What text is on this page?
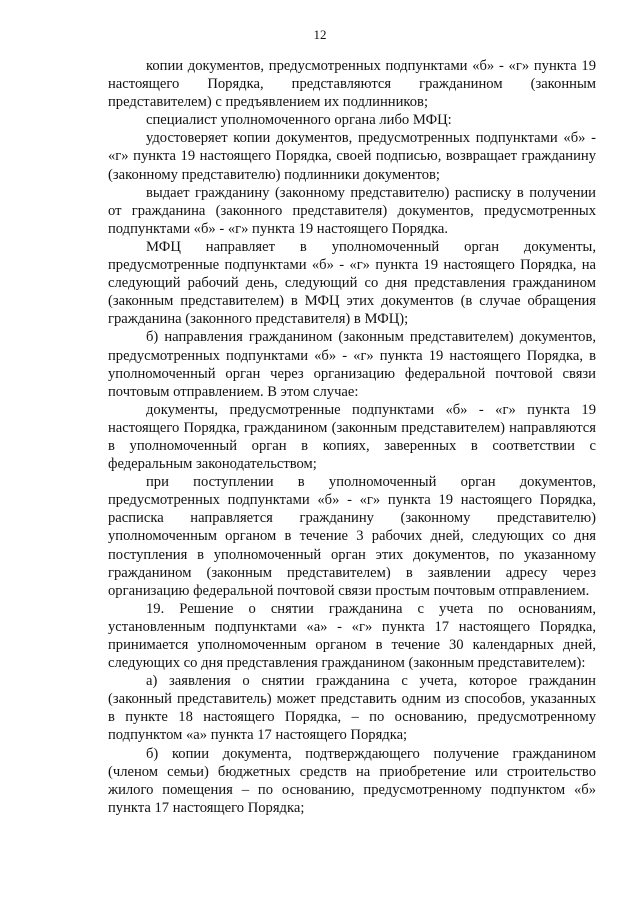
12

копии документов, предусмотренных подпунктами «б» - «г» пункта 19 настоящего Порядка, представляются гражданином (законным представителем) с предъявлением их подлинников;

специалист уполномоченного органа либо МФЦ:

удостоверяет копии документов, предусмотренных подпунктами «б» - «г» пункта 19 настоящего Порядка, своей подписью, возвращает гражданину (законному представителю) подлинники документов;

выдает гражданину (законному представителю) расписку в получении от гражданина (законного представителя) документов, предусмотренных подпунктами «б» - «г» пункта 19 настоящего Порядка.

МФЦ направляет в уполномоченный орган документы, предусмотренные подпунктами «б» - «г» пункта 19 настоящего Порядка, на следующий рабочий день, следующий со дня представления гражданином (законным представителем) в МФЦ этих документов (в случае обращения гражданина (законного представителя) в МФЦ);

б) направления гражданином (законным представителем) документов, предусмотренных подпунктами «б» - «г» пункта 19 настоящего Порядка, в уполномоченный орган через организацию федеральной почтовой связи почтовым отправлением. В этом случае:

документы, предусмотренные подпунктами «б» - «г» пункта 19 настоящего Порядка, гражданином (законным представителем) направляются в уполномоченный орган в копиях, заверенных в соответствии с федеральным законодательством;

при поступлении в уполномоченный орган документов, предусмотренных подпунктами «б» - «г» пункта 19 настоящего Порядка, расписка направляется гражданину (законному представителю) уполномоченным органом в течение 3 рабочих дней, следующих со дня поступления в уполномоченный орган этих документов, по указанному гражданином (законным представителем) в заявлении адресу через организацию федеральной почтовой связи простым почтовым отправлением.

19. Решение о снятии гражданина с учета по основаниям, установленным подпунктами «а» - «г» пункта 17 настоящего Порядка, принимается уполномоченным органом в течение 30 календарных дней, следующих со дня представления гражданином (законным представителем):

а) заявления о снятии гражданина с учета, которое гражданин (законный представитель) может представить одним из способов, указанных в пункте 18 настоящего Порядка, – по основанию, предусмотренному подпунктом «а» пункта 17 настоящего Порядка;

б) копии документа, подтверждающего получение гражданином (членом семьи) бюджетных средств на приобретение или строительство жилого помещения – по основанию, предусмотренному подпунктом «б» пункта 17 настоящего Порядка;
